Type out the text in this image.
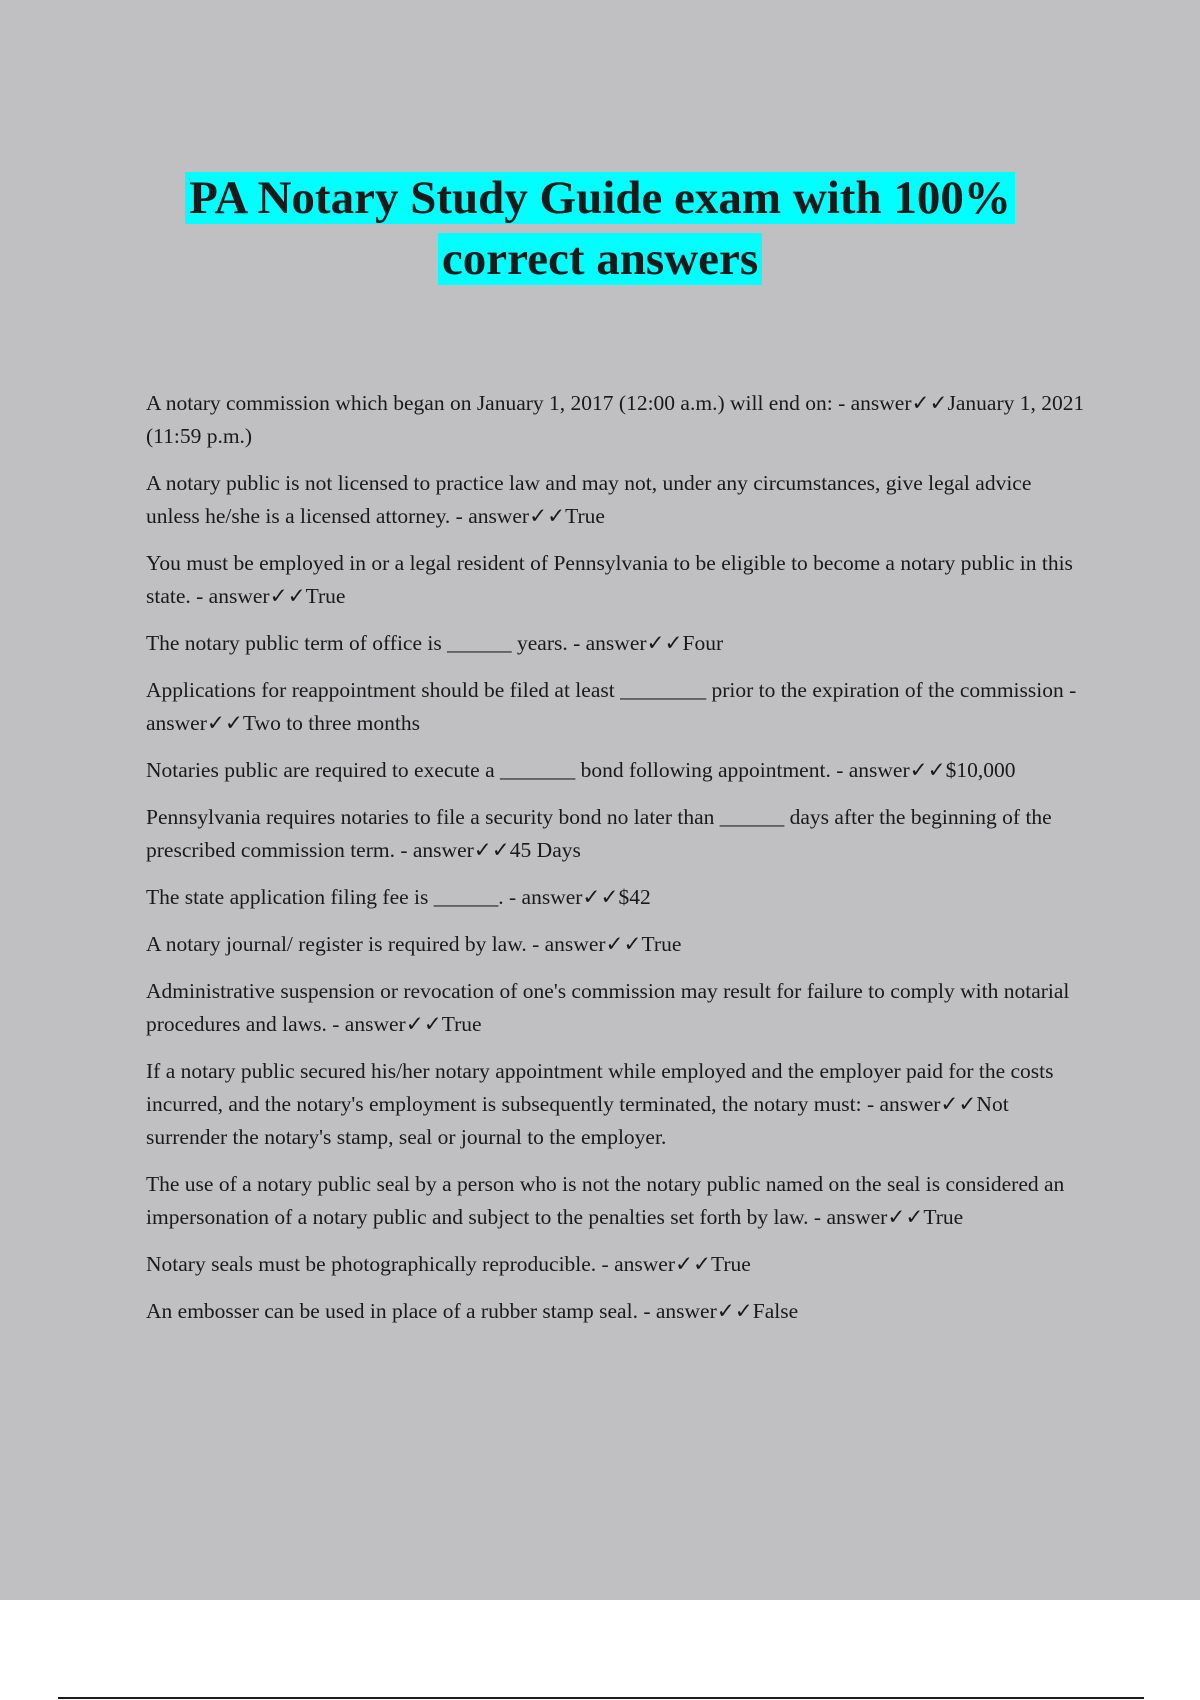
PA Notary Study Guide exam with 100%
correct answers
A notary commission which began on January 1, 2017 (12:00 a.m.) will end on: - answer✓✓January 1, 2021 (11:59 p.m.)
A notary public is not licensed to practice law and may not, under any circumstances, give legal advice unless he/she is a licensed attorney. - answer✓✓True
You must be employed in or a legal resident of Pennsylvania to be eligible to become a notary public in this state. - answer✓✓True
The notary public term of office is ______ years. - answer✓✓Four
Applications for reappointment should be filed at least ________ prior to the expiration of the commission - answer✓✓Two to three months
Notaries public are required to execute a _______ bond following appointment. - answer✓✓$10,000
Pennsylvania requires notaries to file a security bond no later than ______ days after the beginning of the prescribed commission term. - answer✓✓45 Days
The state application filing fee is ______. - answer✓✓$42
A notary journal/ register is required by law. - answer✓✓True
Administrative suspension or revocation of one's commission may result for failure to comply with notarial procedures and laws. - answer✓✓True
If a notary public secured his/her notary appointment while employed and the employer paid for the costs incurred, and the notary's employment is subsequently terminated, the notary must: - answer✓✓Not surrender the notary's stamp, seal or journal to the employer.
The use of a notary public seal by a person who is not the notary public named on the seal is considered an impersonation of a notary public and subject to the penalties set forth by law. - answer✓✓True
Notary seals must be photographically reproducible. - answer✓✓True
An embosser can be used in place of a rubber stamp seal. - answer✓✓False
